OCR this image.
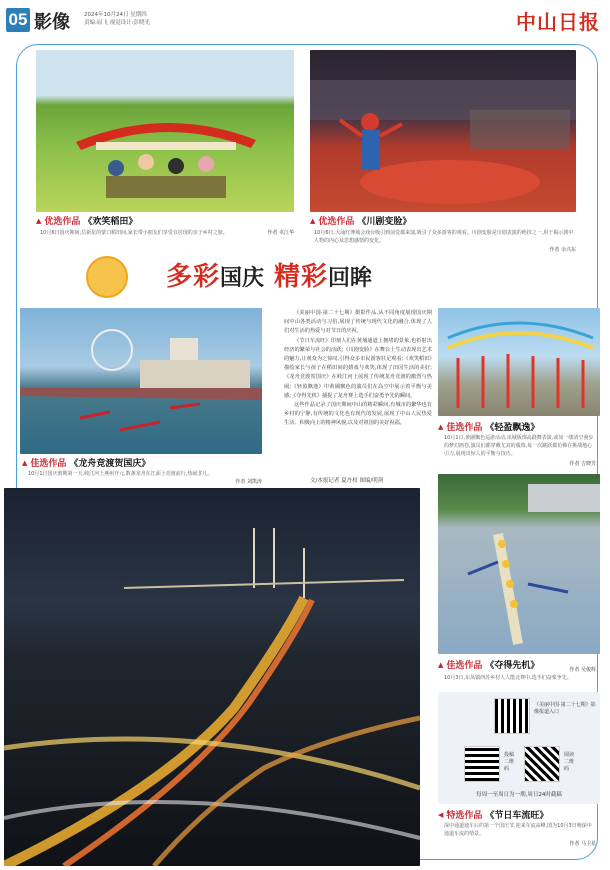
05 影像	2024年10月24日 星期四
责编:屈飞 视觉设计:彭晓光	中山日报
▲ 优选作品 《欢笑稻田》
10月6日国庆期间,岳新星的蒙口稻田间,家长带小朋友们享受宜居现的亲子乡村之旅。	作者 卓江华
▲ 优选作品 《川剧变脸》
10月6日,大涌红博城会戏台吸引到前觉都来演,吸引了众多游客的观看。川剧变脸是川剧表演的绝技之一,用于揭示剧中人物的内心及思想感情的变化。
作者 余兴东
多彩 国庆 精彩 回眸
▲ 佳选作品 《龙舟竞渡贺国庆》
10月1日国庆假期第一天,岐江河上燕州开元,数条龙舟在江面上竞渡前行,热闹非凡。
作者 刘凯涛

《美丽中国·第二十七期》摄影作品,从不同角度展现国庆期间中山各类活动与习俗,展现了传统与现代文化的融合,体现了人们对生活的热爱与对节日的庆祝。

《节日车流旺》印刻人们在黄埔通道上拥堵的景象,也折射出经济的繁荣与社会的活跃;《川剧变脸》在舞台上生动表现出艺术的魅力,让观众为之惊叹,引得众多市民游客驻足观看;《欢笑稻田》描绘家长与孩子在稻田间的嬉戏与欢笑,体现了田园生活的美好;《龙舟竞渡贺国庆》在岐江河上展现了传统龙舟竞渡的激烈与热闹;《轻盈飘逸》中黄圃飘色的演员们在高空中展示着平衡与美感;《夺得先机》捕捉了龙舟赛上选手们奋勇争先的瞬间。

这些作品记录了国庆期间中山的精彩瞬间,有城市的繁华也有乡村的宁静,有传统的文化也有现代的发展,展现了中山人民热爱生活、积极向上的精神风貌,以及对祖国的美好祝福。

文/本报记者 夏丹权 图编/明剑
▲ 佳选作品 《轻盈飘逸》
10月1日,黄圃飘色巡游活动,凤城板饰高跷舞表演,或如一缕清空漫步的梦幻画卷,演员们都穿戴尤其的服饰,每一次跳跃都仿佛在挑战地心引力,展现出惊人的平衡与技巧。
作者 吉晓芳
▲ 佳选作品 《夺得先机》
10月3日,东凤镇西苏乡村人人能北赛中,选手们奋桨争先。
作者 吴俊辉
《美丽中国·第二十七期》影像报道入口
投稿二维码
阅读二维码
每周一至周日为一期,周日24时截稿
◀ 特选作品 《节日车流旺》
深中通道通车后的第一个国庆节,迎来车流高峰,图为10月3日晚深中通道车流的情景。
作者 马卫星
